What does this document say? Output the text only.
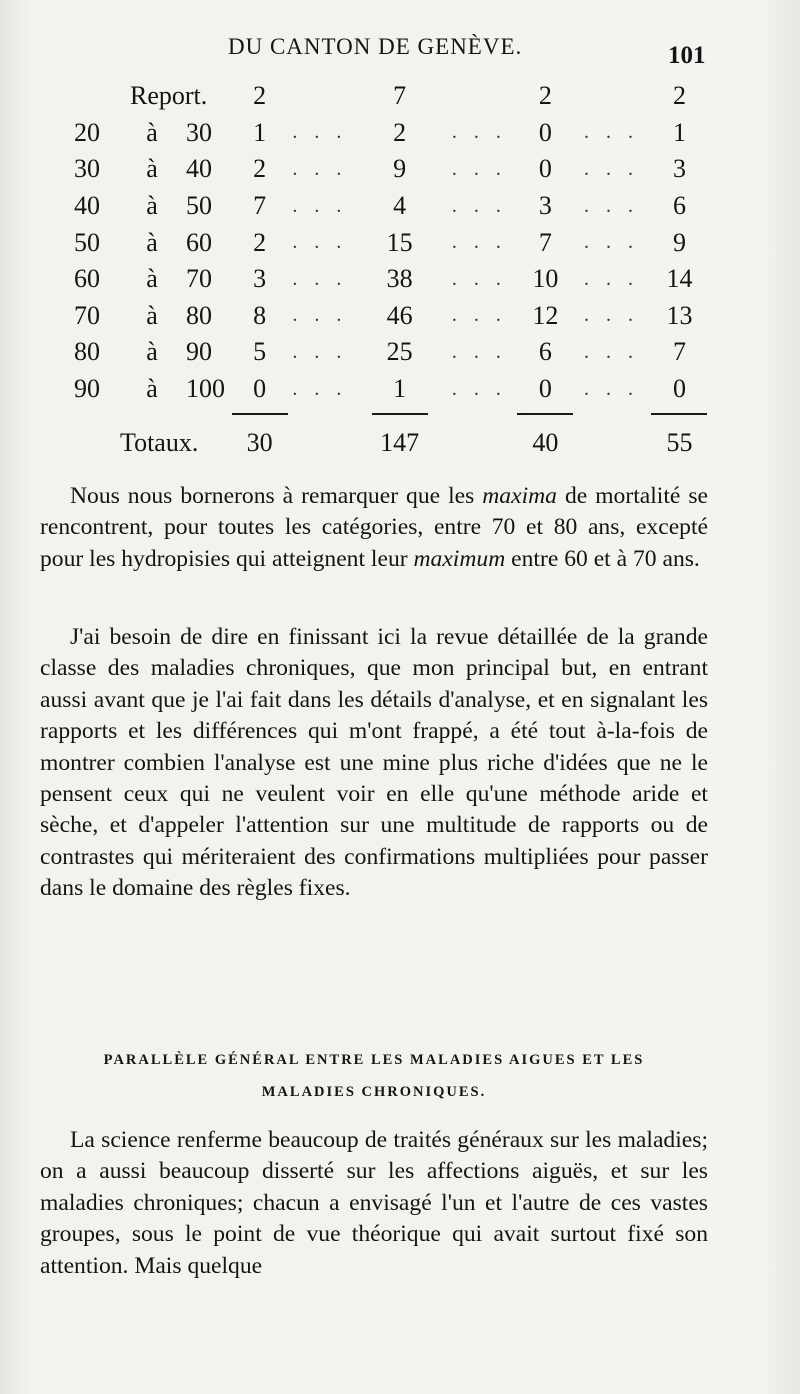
DU CANTON DE GENÈVE.	101
Report.	2		7		2		2
20 à 30	1	. . .	2	. . .	0	. . .	1
30 à 40	2	. . .	9	. . .	0	. . .	3
40 à 50	7	. . .	4	. . .	3	. . .	6
50 à 60	2	. . .	15	. . .	7	. . .	9
60 à 70	3	. . .	38	. . .	10	. . .	14
70 à 80	8	. . .	46	. . .	12	. . .	13
80 à 90	5	. . .	25	. . .	6	. . .	7
90 à 100	0	. . .	1	. . .	0	. . .	0

Totaux.	30		147		40		55

Nous nous bornerons à remarquer que les maxima de mortalité se rencontrent, pour toutes les catégories, entre 70 et 80 ans, excepté pour les hydropisies qui atteignent leur maximum entre 60 et à 70 ans.

J'ai besoin de dire en finissant ici la revue détaillée de la grande classe des maladies chroniques, que mon principal but, en entrant aussi avant que je l'ai fait dans les détails d'analyse, et en signalant les rapports et les différences qui m'ont frappé, a été tout à-la-fois de montrer combien l'analyse est une mine plus riche d'idées que ne le pensent ceux qui ne veulent voir en elle qu'une méthode aride et sèche, et d'appeler l'attention sur une multitude de rapports ou de contrastes qui mériteraient des confirmations multipliées pour passer dans le domaine des règles fixes.

PARALLÈLE GÉNÉRAL ENTRE LES MALADIES AIGUES ET LES
MALADIES CHRONIQUES.

La science renferme beaucoup de traités généraux sur les maladies; on a aussi beaucoup disserté sur les affections aiguës, et sur les maladies chroniques; chacun a envisagé l'un et l'autre de ces vastes groupes, sous le point de vue théorique qui avait surtout fixé son attention. Mais quelque
